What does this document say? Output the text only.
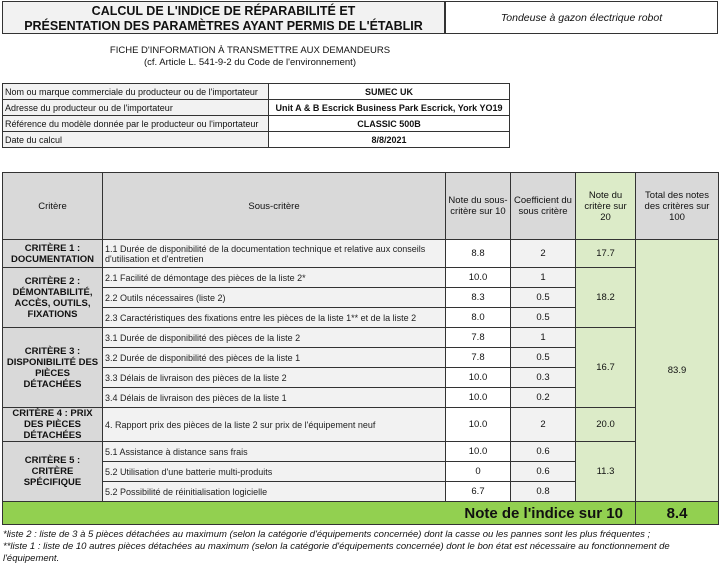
CALCUL DE L'INDICE DE RÉPARABILITÉ ET
PRÉSENTATION DES PARAMÈTRES AYANT PERMIS DE L'ÉTABLIR
Tondeuse à gazon électrique robot
FICHE D'INFORMATION À TRANSMETTRE AUX DEMANDEURS
(cf. Article L. 541-9-2 du Code de l'environnement)
Nom ou marque commerciale du producteur ou de l'importateur	SUMEC UK
Adresse du producteur ou de l'importateur	Unit A & B Escrick Business Park Escrick, York YO19
Référence du modèle donnée par le producteur ou l'importateur	CLASSIC 500B
Date du calcul	8/8/2021
Critère	Sous-critère	Note du sous-critère sur 10	Coefficient du sous critère	Note du critère sur 20	Total des notes des critères sur 100
CRITÈRE 1 : DOCUMENTATION	1.1 Durée de disponibilité de la documentation technique et relative aux conseils d'utilisation et d'entretien	8.8	2	17.7	83.9
CRITÈRE 2 : DÉMONTABILITÉ, ACCÈS, OUTILS, FIXATIONS	2.1 Facilité de démontage des pièces de la liste 2*	10.0	1	18.2	
	2.2 Outils nécessaires (liste 2)	8.3	0.5		
	2.3 Caractéristiques des fixations entre les pièces de la liste 1** et de la liste 2	8.0	0.5		
CRITÈRE 3 : DISPONIBILITÉ DES PIÈCES DÉTACHÉES	3.1 Durée de disponibilité des pièces de la liste 2	7.8	1	16.7	
	3.2 Durée de disponibilité des pièces de la liste 1	7.8	0.5		
	3.3 Délais de livraison des pièces de la liste 2	10.0	0.3		
	3.4 Délais de livraison des pièces de la liste 1	10.0	0.2		
CRITÈRE 4 : PRIX DES PIÈCES DÉTACHÉES	4. Rapport prix des pièces de la liste 2 sur prix de l'équipement neuf	10.0	2	20.0	
CRITÈRE 5 : CRITÈRE SPÉCIFIQUE	5.1 Assistance à distance sans frais	10.0	0.6	11.3	
	5.2 Utilisation d'une batterie multi-produits	0	0.6		
	5.2 Possibilité de réinitialisation logicielle	6.7	0.8		
Note de l'indice sur 10					8.4
*liste 2 : liste de 3 à 5 pièces détachées au maximum (selon la catégorie d'équipements concernée) dont la casse ou les pannes sont les plus fréquentes ;
**liste 1 : liste de 10 autres pièces détachées au maximum (selon la catégorie d'équipements concernée) dont le bon état est nécessaire au fonctionnement de l'équipement.
